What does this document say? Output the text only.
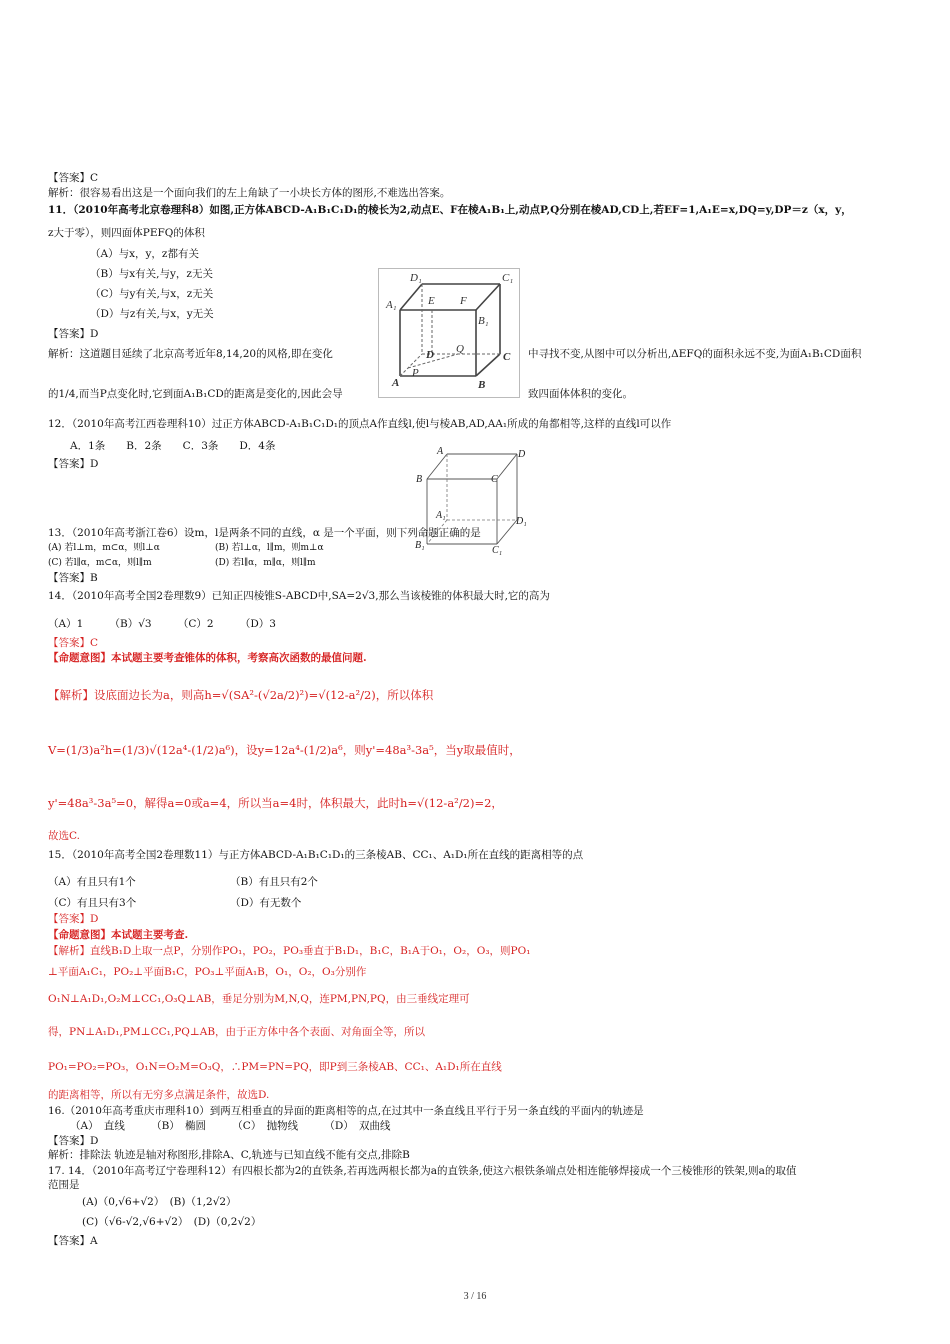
【答案】C
解析：很容易看出这是一个面向我们的左上角缺了一小块长方体的图形,不难选出答案。
11．（2010年高考北京卷理科8）如图,正方体ABCD-A₁B₁C₁D₁的棱长为2,动点E、F在棱A₁B₁上,动点P,Q分别在棱AD,CD上,若EF=1,A₁E=x,DQ=y,DP＝z（x，y，
z大于零），则四面体PEFQ的体积
（A）与x，y，z都有关
（B）与x有关,与y，z无关
（C）与y有关,与x，z无关
（D）与z有关,与x，y无关
【答案】D
解析：这道题目延续了北京高考近年8,14,20的风格,即在变化	中寻找不变,从图中可以分析出,ΔEFQ的面积永远不变,为面A₁B₁CD面积
的1/4,而当P点变化时,它到面A₁B₁CD的距离是变化的,因此会导	致四面体体积的变化。
D₁	C₁
A₁	E F
B₁
D Q
C
P
A	B
12．（2010年高考江西卷理科10）过正方体ABCD-A₁B₁C₁D₁的顶点A作直线l,使l与棱AB,AD,AA₁所成的角都相等,这样的直线l可以作
A．1条　　B．2条　　C．3条　　D．4条
【答案】D
A	D
B	C
A₁
D₁
B₁	C₁
13．（2010年高考浙江卷6）设m，l是两条不同的直线，α 是一个平面，则下列命题正确的是
(A) 若l⊥m，m⊂α，则l⊥α	(B) 若l⊥α，l∥m，则m⊥α
(C) 若l∥α，m⊂α，则l∥m	(D) 若l∥α，m∥α，则l∥m
【答案】B
14．（2010年高考全国2卷理数9）已知正四棱锥S-ABCD中,SA=2√3,那么当该棱锥的体积最大时,它的高为
（A）1　　　（B）√3　　　（C）2　　　（D）3
【答案】C
【命题意图】本试题主要考查锥体的体积，考察高次函数的最值问题.
【解析】设底面边长为a，则高h=√(SA²-(√2a/2)²)=√(12-a²/2)，所以体积
V=(1/3)a²h=(1/3)√(12a⁴-(1/2)a⁶)，设y=12a⁴-(1/2)a⁶，则y'=48a³-3a⁵，当y取最值时，
y'=48a³-3a⁵=0，解得a=0或a=4，所以当a=4时，体积最大，此时h=√(12-a²/2)=2，
故选C.
15．（2010年高考全国2卷理数11）与正方体ABCD-A₁B₁C₁D₁的三条棱AB、CC₁、A₁D₁所在直线的距离相等的点
（A）有且只有1个	（B）有且只有2个
（C）有且只有3个	（D）有无数个
【答案】D
【命题意图】本试题主要考查.
【解析】直线B₁D上取一点P，分别作PO₁，PO₂，PO₃垂直于B₁D₁，B₁C，B₁A于O₁，O₂，O₃，则PO₁
⊥平面A₁C₁，PO₂⊥平面B₁C，PO₃⊥平面A₁B，O₁，O₂，O₃分别作
O₁N⊥A₁D₁,O₂M⊥CC₁,O₃Q⊥AB，垂足分别为M,N,Q，连PM,PN,PQ，由三垂线定理可
得，PN⊥A₁D₁,PM⊥CC₁,PQ⊥AB，由于正方体中各个表面、对角面全等，所以
PO₁=PO₂=PO₃，O₁N=O₂M=O₃Q，∴PM=PN=PQ，即P到三条棱AB、CC₁、A₁D₁所在直线
的距离相等，所以有无穷多点满足条件，故选D.
16.（2010年高考重庆市理科10）到两互相垂直的异面的距离相等的点,在过其中一条直线且平行于另一条直线的平面内的轨迹是
（A）　直线　　　（B）　椭圆　　　（C）　抛物线　　　（D）　双曲线
【答案】D
解析：排除法 轨迹是轴对称图形,排除A、C,轨迹与已知直线不能有交点,排除B
17. 14．（2010年高考辽宁卷理科12）有四根长都为2的直铁条,若再选两根长都为a的直铁条,使这六根铁条端点处相连能够焊接成一个三棱锥形的铁架,则a的取值
范围是
(A)（0,√6+√2）　(B)（1,2√2）
(C)（√6-√2,√6+√2）　(D)（0,2√2）
【答案】A
3 / 16
